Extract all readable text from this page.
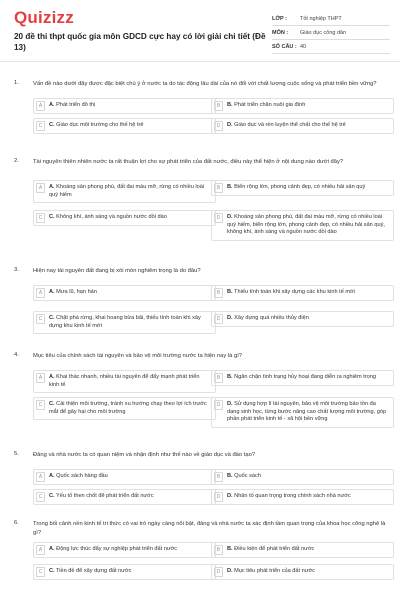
Quizizz
20 đề thi thpt quốc gia môn GDCD cực hay có lời giải chi tiết (Đề 13)
LỚP :	Tốt nghiệp THPT
MÔN :	Giáo dục công dân
SỐ CÂU : 40
1. Vấn đề nào dưới đây được đặc biệt chú ý ở nước ta do tác động lâu dài của nó đối với chất lượng cuộc sống và phát triển bền vững?
A	A. Phát triển đô thị	B	B. Phát triển chăn nuôi gia đình
C	C. Giáo dục môi trường cho thế hệ trẻ	D	D. Giáo dục và rèn luyện thể chất cho thế hệ trẻ
2. Tài nguyên thiên nhiên nước ta rất thuận lợi cho sự phát triển của đất nước, điều này thể hiện ở nội dung nào dưới đây?
A	A. Khoáng sản phong phú, đất đai màu mỡ, rừng có nhiều loài quý hiếm
B	B. Biển rộng lớn, phong cảnh đẹp, có nhiều hải sản quý
C	C. Không khí, ánh sáng và nguồn nước dồi dào	D	D. Khoáng sản phong phú, đất đai màu mỡ, rừng có nhiều loài quý hiếm, biển rộng lớn, phong cảnh đẹp, có nhiều hải sản quý, không khí, ánh sáng và nguồn nước dồi dào
3. Hiện nay tài nguyên đất đang bị xói mòn nghiêm trọng là do đâu?
A	A. Mưa lũ, hạn hán	B	B. Thiếu tính toán khi xây dựng các khu kinh tế mới
C	C. Chặt phá rừng, khai hoang bừa bãi, thiếu tính toán khi xây dựng khu kinh tế mới
D	D. Xây dựng quá nhiều thủy điện
4. Mục tiêu của chính sách tài nguyên và bảo vệ môi trường nước ta hiện nay là gì?
A	A. Khai thác nhanh, nhiều tài nguyên để đẩy mạnh phát triển kinh tế
B	B. Ngăn chặn tình trạng hủy hoại đang diễn ra nghiêm trọng
C	C. Cải thiện môi trường, tránh xu hướng chạy theo lợi ích trước mắt để gây hại cho môi trường
D	D. Sử dụng hợp lí tài nguyên, bảo vệ môi trường bảo tồn đa dạng sinh học, từng bước nâng cao chất lượng môi trường, góp phần phát triển kinh tế - xã hội bền vững
5. Đảng và nhà nước ta có quan niệm và nhận định như thế nào về giáo dục và đào tạo?
A	A. Quốc sách hàng đầu	B	B. Quốc sách
C	C. Yếu tố then chốt để phát triển đất nước	D	D. Nhân tố quan trọng trong chính sách nhà nước
6. Trong bối cảnh nền kinh tế tri thức có vai trò ngày càng nổi bật, đảng và nhà nước ta xác định tầm quan trọng của khoa học công nghệ là gì?
A	A. Động lực thúc đẩy sự nghiệp phát triển đất nước	B	B. Điều kiện để phát triển đất nước
C	C. Tiền đề để xây dựng đất nước	D	D. Mục tiêu phát triển của đất nước
